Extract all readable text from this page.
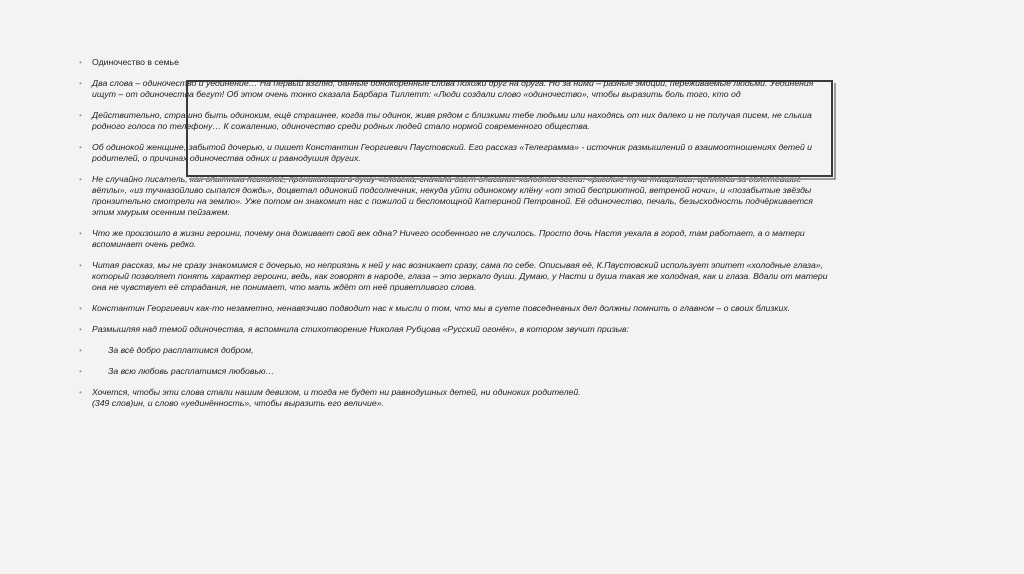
• Одиночество в семье
• Два слова – одиночество и уединение… На первый взгляд, данные однокоренные слова похожи друг на друга. Но за ними – разные эмоции, переживаемые людьми. Уединения ищут – от одиночества бегут! Об этом очень тонко сказала Барбара Тиллетт: «Люди создали слово «одиночество», чтобы выразить боль того, кто од
• Действительно, страшно быть одиноким, ещё страшнее, когда ты одинок, живя рядом с близкими тебе людьми или находясь от них далеко и не получая писем, не слыша родного голоса по телефону… К сожалению, одиночество среди родных людей стало нормой современного общества.
• Об одинокой женщине, забытой дочерью, и пишет Константин Георгиевич Паустовский. Его рассказ «Телеграмма» - источник размышлений о взаимоотношениях детей и родителей, о причинах одиночества одних и равнодушия других.
• Не случайно писатель, как опытный психолог, проникающий в душу человека, сначала даёт описание холодной осени: «рыхлые тучи тащились, цепляясь за облетевшие вётлы», «из тучназойливо сыпался дождь», доцветал одинокий подсолнечник, некуда уйти одинокому клёну «от этой бесприютной, ветреной ночи», и «позабытые звёзды пронзительно смотрели на землю». Уже потом он знакомит нас с пожилой и беспомощной Катериной Петровной. Её одиночество, печаль, безысходность подчёркивается этим хмурым осенним пейзажем.
• Что же произошло в жизни героини, почему она доживает свой век одна? Ничего особенного не случилось. Просто дочь Настя уехала в город, там работает, а о матери вспоминает очень редко.
• Читая рассказ, мы не сразу знакомимся с дочерью, но неприязнь к ней у нас возникает сразу, сама по себе. Описывая её, К.Паустовский использует эпитет «холодные глаза», который позволяет понять характер героини, ведь, как говорят в народе, глаза – это зеркало души. Думаю, у Насти и душа такая же холодная, как и глаза. Вдали от матери она не чувствует её страдания, не понимает, что мать ждёт от неё приветливого слова.
• Константин Георгиевич как-то незаметно, ненавязчиво подводит нас к мысли о том, что мы в суете повседневных дел должны помнить о главном – о своих близких.
• Размышляя над темой одиночества, я вспомнила стихотворение Николая Рубцова «Русский огонёк», в котором звучит призыв:
• За всё добро расплатимся добром,
• За всю любовь расплатимся любовью…
• Хочется, чтобы эти слова стали нашим девизом, и тогда не будет ни равнодушных детей, ни одиноких родителей.
(349 слов)ин, и слово «уединённость», чтобы выразить его величие».
